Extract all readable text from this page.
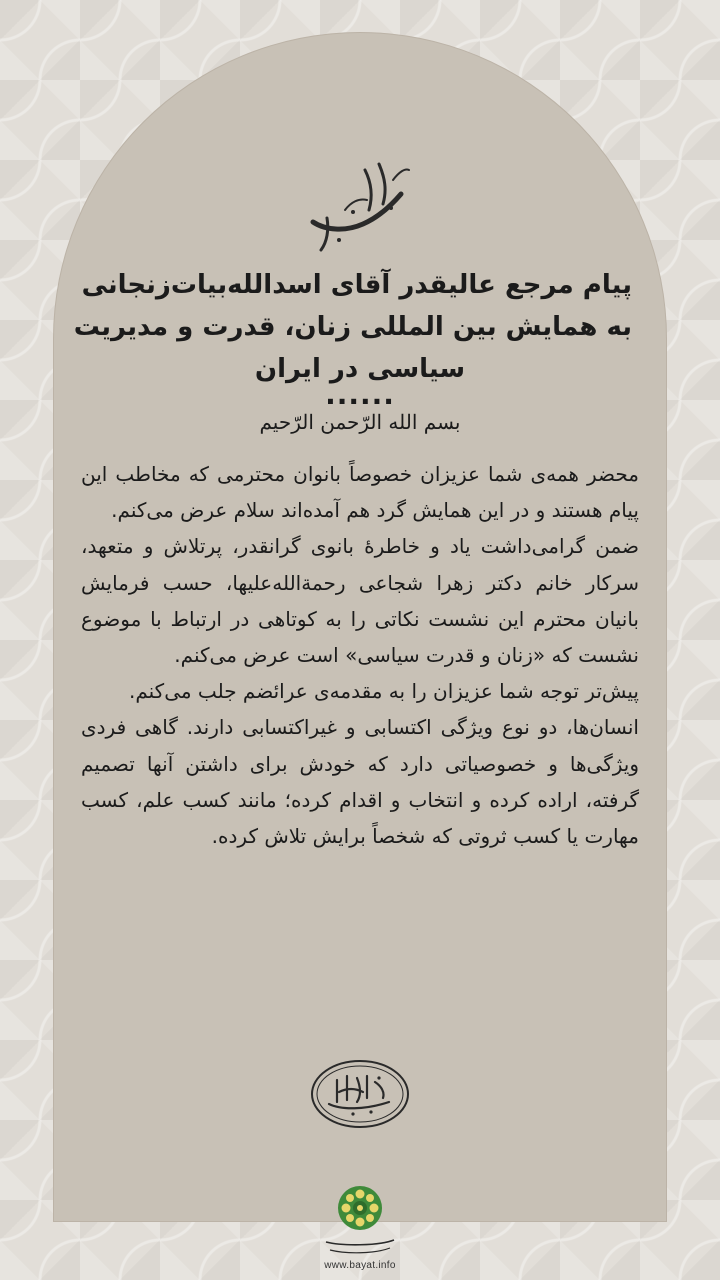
پیام مرجع عالیقدر آقای اسدالله‌بیات‌زنجانی
به همایش بین المللی زنان، قدرت و مدیریت
سیاسی در ایران
......
بسم الله الرّحمن الرّحیم

محضر همه‌ی شما عزیزان خصوصاً بانوان محترمی که مخاطب این پیام هستند و در این همایش گرد هم آمده‌اند سلام عرض می‌کنم.

ضمن گرامی‌داشت یاد و خاطرهٔ بانوی گرانقدر، پرتلاش و متعهد، سرکار خانم دکتر زهرا شجاعی رحمةالله‌علیها، حسب فرمایش بانیان محترم این نشست نکاتی را به کوتاهی در ارتباط با موضوع نشست که «زنان و قدرت سیاسی» است عرض می‌کنم.

پیش‌تر توجه شما عزیزان را به مقدمه‌ی عرائضم جلب می‌کنم.

انسان‌ها، دو نوع ویژگی اکتسابی و غیراکتسابی دارند. گاهی فردی ویژگی‌ها و خصوصیاتی دارد که خودش برای داشتن آنها تصمیم گرفته، اراده کرده و انتخاب و اقدام کرده؛ مانند کسب علم، کسب مهارت یا کسب ثروتی که شخصاً برایش تلاش کرده.

www.bayat.info
